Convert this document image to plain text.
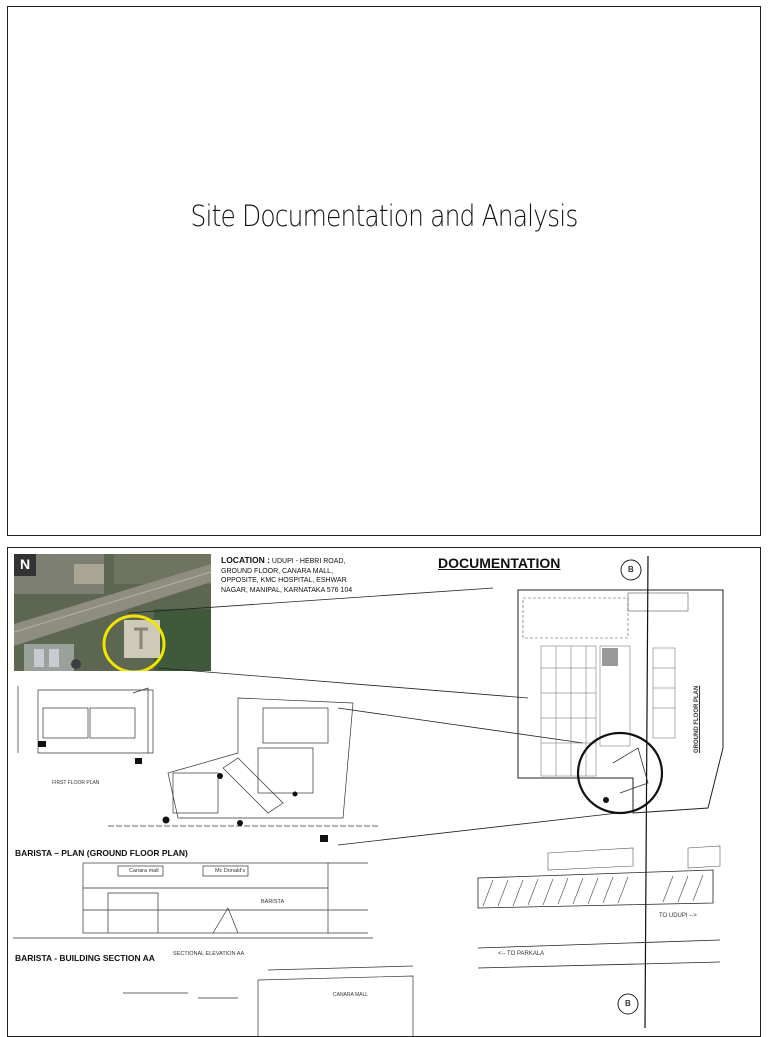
Site Documentation and Analysis
N	LOCATION : UDUPI - HEBRI ROAD, GROUND FLOOR, CANARA MALL, OPPOSITE, KMC HOSPITAL, ESHWAR NAGAR, MANIPAL, KARNATAKA 576 104
DOCUMENTATION
FIRST FLOOR PLAN
BARISTA – PLAN (GROUND FLOOR PLAN)
Canara mall	Mc Donald's
BARISTA
SECTIONAL ELEVATION AA
BARISTA - BUILDING SECTION AA
CANARA MALL
GROUND FLOOR PLAN
TO UDUPI -->
<-- TO PARKALA
B
B
